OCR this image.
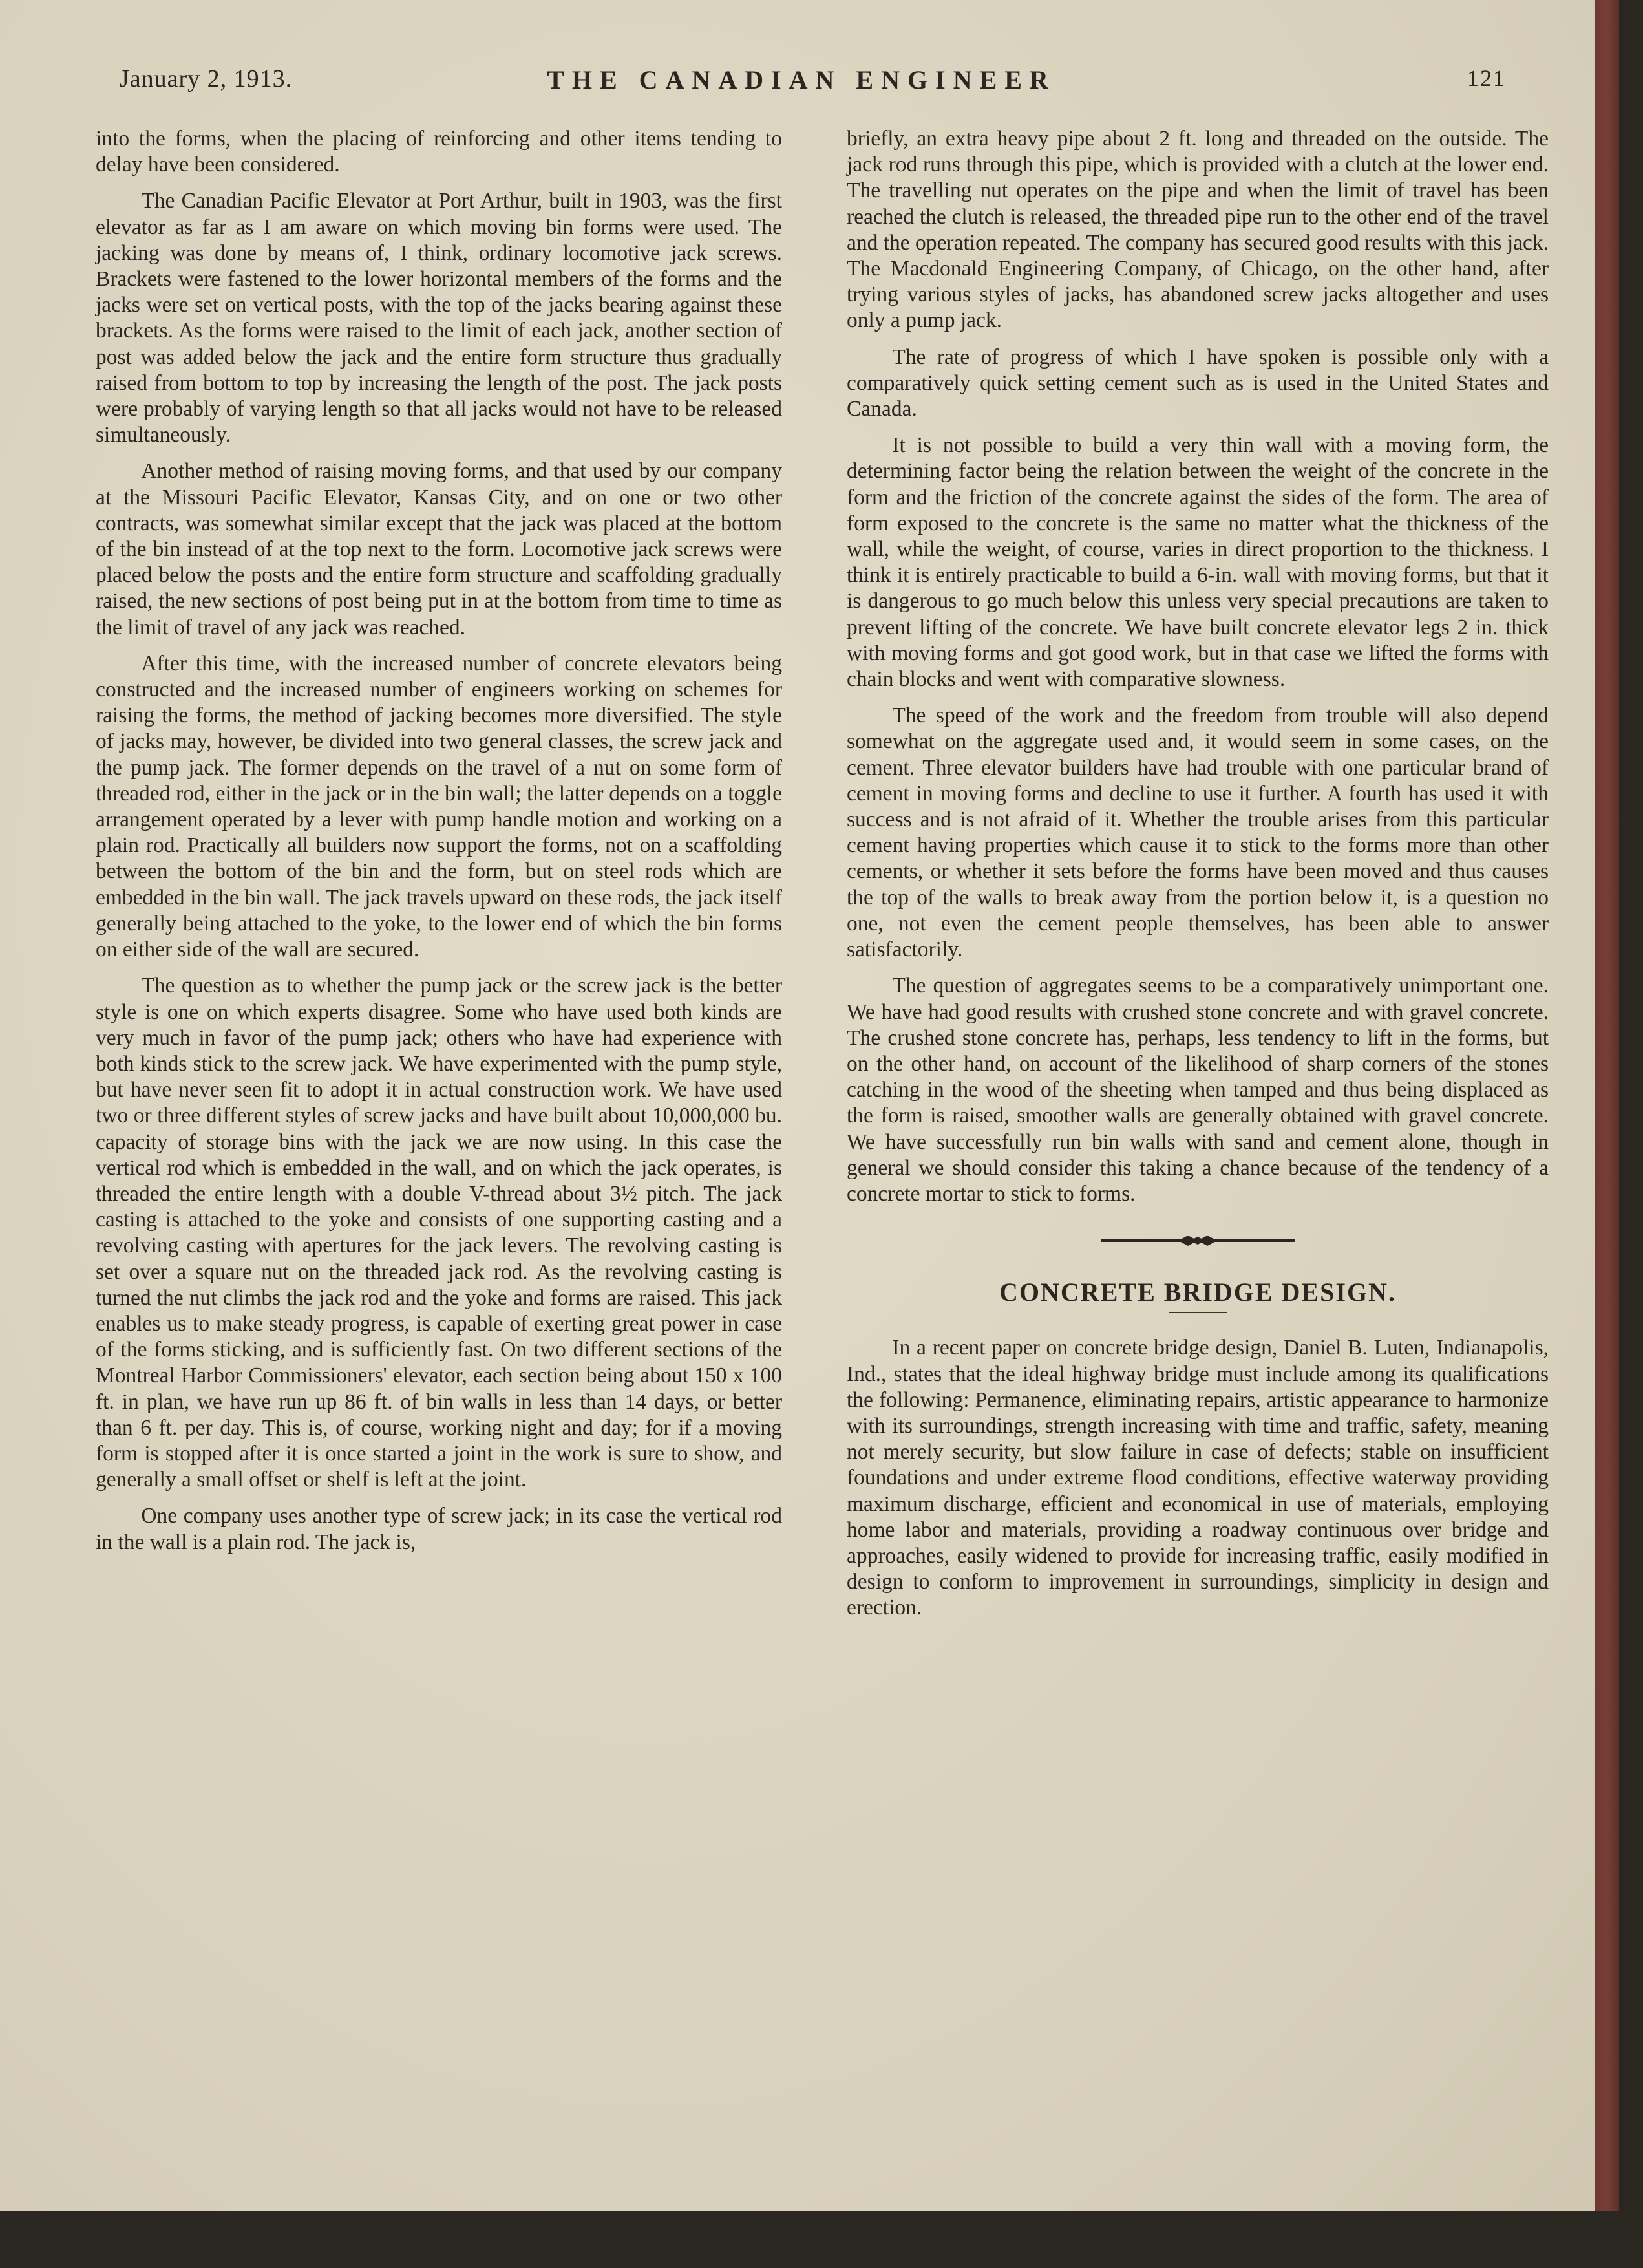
January 2, 1913.	THE CANADIAN ENGINEER	121

into the forms, when the placing of reinforcing and other items tending to delay have been considered.

The Canadian Pacific Elevator at Port Arthur, built in 1903, was the first elevator as far as I am aware on which moving bin forms were used. The jacking was done by means of, I think, ordinary locomotive jack screws. Brackets were fastened to the lower horizontal members of the forms and the jacks were set on vertical posts, with the top of the jacks bearing against these brackets. As the forms were raised to the limit of each jack, another section of post was added below the jack and the entire form structure thus gradually raised from bottom to top by increasing the length of the post. The jack posts were probably of varying length so that all jacks would not have to be released simultaneously.

Another method of raising moving forms, and that used by our company at the Missouri Pacific Elevator, Kansas City, and on one or two other contracts, was somewhat similar except that the jack was placed at the bottom of the bin instead of at the top next to the form. Locomotive jack screws were placed below the posts and the entire form structure and scaffolding gradually raised, the new sections of post being put in at the bottom from time to time as the limit of travel of any jack was reached.

After this time, with the increased number of concrete elevators being constructed and the increased number of engineers working on schemes for raising the forms, the method of jacking becomes more diversified. The style of jacks may, however, be divided into two general classes, the screw jack and the pump jack. The former depends on the travel of a nut on some form of threaded rod, either in the jack or in the bin wall; the latter depends on a toggle arrangement operated by a lever with pump handle motion and working on a plain rod. Practically all builders now support the forms, not on a scaffolding between the bottom of the bin and the form, but on steel rods which are embedded in the bin wall. The jack travels upward on these rods, the jack itself generally being attached to the yoke, to the lower end of which the bin forms on either side of the wall are secured.

The question as to whether the pump jack or the screw jack is the better style is one on which experts disagree. Some who have used both kinds are very much in favor of the pump jack; others who have had experience with both kinds stick to the screw jack. We have experimented with the pump style, but have never seen fit to adopt it in actual construction work. We have used two or three different styles of screw jacks and have built about 10,000,000 bu. capacity of storage bins with the jack we are now using. In this case the vertical rod which is embedded in the wall, and on which the jack operates, is threaded the entire length with a double V-thread about 3½ pitch. The jack casting is attached to the yoke and consists of one supporting casting and a revolving casting with apertures for the jack levers. The revolving casting is set over a square nut on the threaded jack rod. As the revolving casting is turned the nut climbs the jack rod and the yoke and forms are raised. This jack enables us to make steady progress, is capable of exerting great power in case of the forms sticking, and is sufficiently fast. On two different sections of the Montreal Harbor Commissioners' elevator, each section being about 150 x 100 ft. in plan, we have run up 86 ft. of bin walls in less than 14 days, or better than 6 ft. per day. This is, of course, working night and day; for if a moving form is stopped after it is once started a joint in the work is sure to show, and generally a small offset or shelf is left at the joint.

One company uses another type of screw jack; in its case the vertical rod in the wall is a plain rod. The jack is,

briefly, an extra heavy pipe about 2 ft. long and threaded on the outside. The jack rod runs through this pipe, which is provided with a clutch at the lower end. The travelling nut operates on the pipe and when the limit of travel has been reached the clutch is released, the threaded pipe run to the other end of the travel and the operation repeated. The company has secured good results with this jack. The Macdonald Engineering Company, of Chicago, on the other hand, after trying various styles of jacks, has abandoned screw jacks altogether and uses only a pump jack.

The rate of progress of which I have spoken is possible only with a comparatively quick setting cement such as is used in the United States and Canada.

It is not possible to build a very thin wall with a moving form, the determining factor being the relation between the weight of the concrete in the form and the friction of the concrete against the sides of the form. The area of form exposed to the concrete is the same no matter what the thickness of the wall, while the weight, of course, varies in direct proportion to the thickness. I think it is entirely practicable to build a 6-in. wall with moving forms, but that it is dangerous to go much below this unless very special precautions are taken to prevent lifting of the concrete. We have built concrete elevator legs 2 in. thick with moving forms and got good work, but in that case we lifted the forms with chain blocks and went with comparative slowness.

The speed of the work and the freedom from trouble will also depend somewhat on the aggregate used and, it would seem in some cases, on the cement. Three elevator builders have had trouble with one particular brand of cement in moving forms and decline to use it further. A fourth has used it with success and is not afraid of it. Whether the trouble arises from this particular cement having properties which cause it to stick to the forms more than other cements, or whether it sets before the forms have been moved and thus causes the top of the walls to break away from the portion below it, is a question no one, not even the cement people themselves, has been able to answer satisfactorily.

The question of aggregates seems to be a comparatively unimportant one. We have had good results with crushed stone concrete and with gravel concrete. The crushed stone concrete has, perhaps, less tendency to lift in the forms, but on the other hand, on account of the likelihood of sharp corners of the stones catching in the wood of the sheeting when tamped and thus being displaced as the form is raised, smoother walls are generally obtained with gravel concrete. We have successfully run bin walls with sand and cement alone, though in general we should consider this taking a chance because of the tendency of a concrete mortar to stick to forms.

CONCRETE BRIDGE DESIGN.

In a recent paper on concrete bridge design, Daniel B. Luten, Indianapolis, Ind., states that the ideal highway bridge must include among its qualifications the following: Permanence, eliminating repairs, artistic appearance to harmonize with its surroundings, strength increasing with time and traffic, safety, meaning not merely security, but slow failure in case of defects; stable on insufficient foundations and under extreme flood conditions, effective waterway providing maximum discharge, efficient and economical in use of materials, employing home labor and materials, providing a roadway continuous over bridge and approaches, easily widened to provide for increasing traffic, easily modified in design to conform to improvement in surroundings, simplicity in design and erection.
